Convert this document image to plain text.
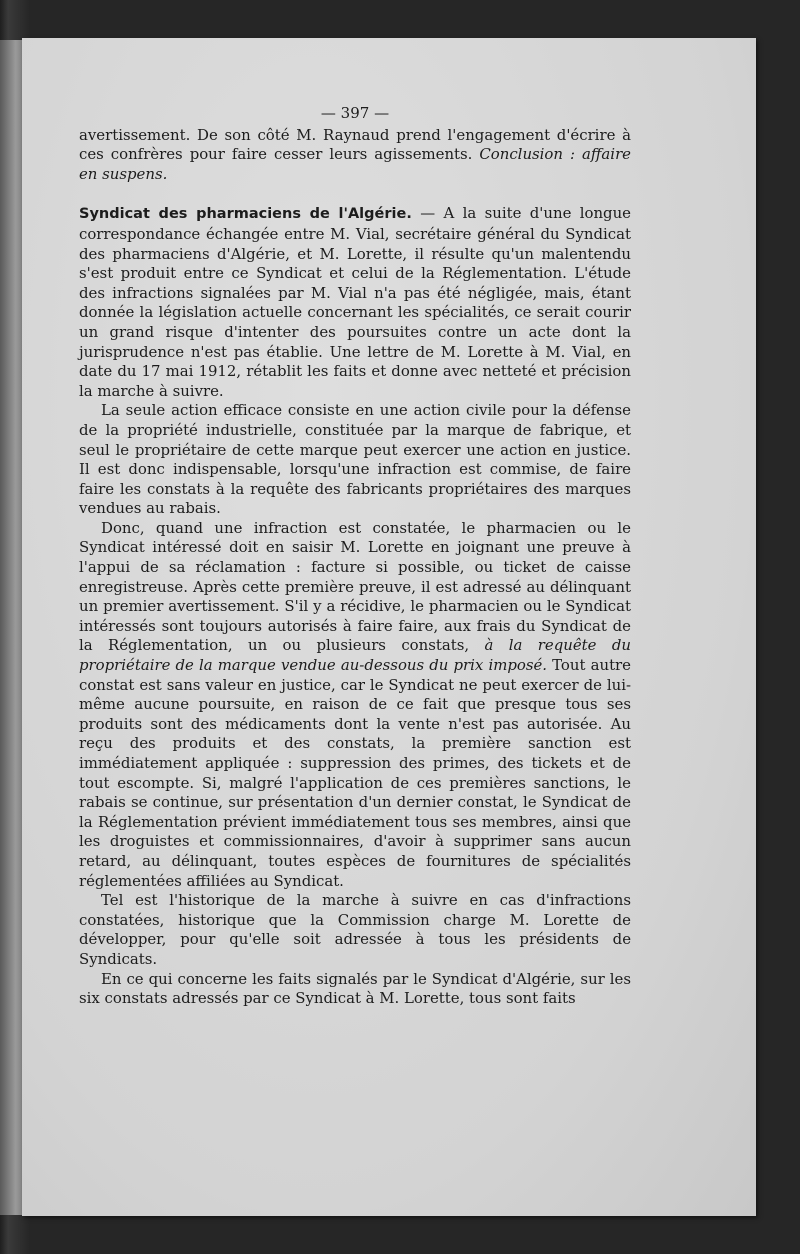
— 397 —

avertissement. De son côté M. Raynaud prend l'engagement d'écrire à ces confrères pour faire cesser leurs agissements. Conclusion : affaire en suspens.

Syndicat des pharmaciens de l'Algérie. — A la suite d'une longue correspondance échangée entre M. Vial, secrétaire général du Syndicat des pharmaciens d'Algérie, et M. Lorette, il résulte qu'un malentendu s'est produit entre ce Syndicat et celui de la Réglementation. L'étude des infractions signalées par M. Vial n'a pas été négligée, mais, étant donnée la législation actuelle concernant les spécialités, ce serait courir un grand risque d'intenter des poursuites contre un acte dont la jurisprudence n'est pas établie. Une lettre de M. Lorette à M. Vial, en date du 17 mai 1912, rétablit les faits et donne avec netteté et précision la marche à suivre.

La seule action efficace consiste en une action civile pour la défense de la propriété industrielle, constituée par la marque de fabrique, et seul le propriétaire de cette marque peut exercer une action en justice. Il est donc indispensable, lorsqu'une infraction est commise, de faire faire les constats à la requête des fabricants propriétaires des marques vendues au rabais.

Donc, quand une infraction est constatée, le pharmacien ou le Syndicat intéressé doit en saisir M. Lorette en joignant une preuve à l'appui de sa réclamation : facture si possible, ou ticket de caisse enregistreuse. Après cette première preuve, il est adressé au délinquant un premier avertissement. S'il y a récidive, le pharmacien ou le Syndicat intéressés sont toujours autorisés à faire faire, aux frais du Syndicat de la Réglementation, un ou plusieurs constats, à la requête du propriétaire de la marque vendue au-dessous du prix imposé. Tout autre constat est sans valeur en justice, car le Syndicat ne peut exercer de lui-même aucune poursuite, en raison de ce fait que presque tous ses produits sont des médicaments dont la vente n'est pas autorisée. Au reçu des produits et des constats, la première sanction est immédiatement appliquée : suppression des primes, des tickets et de tout escompte. Si, malgré l'application de ces premières sanctions, le rabais se continue, sur présentation d'un dernier constat, le Syndicat de la Réglementation prévient immédiatement tous ses membres, ainsi que les droguistes et commissionnaires, d'avoir à supprimer sans aucun retard, au délinquant, toutes espèces de fournitures de spécialités réglementées affiliées au Syndicat.

Tel est l'historique de la marche à suivre en cas d'infractions constatées, historique que la Commission charge M. Lorette de développer, pour qu'elle soit adressée à tous les présidents de Syndicats.

En ce qui concerne les faits signalés par le Syndicat d'Algérie, sur les six constats adressés par ce Syndicat à M. Lorette, tous sont faits
